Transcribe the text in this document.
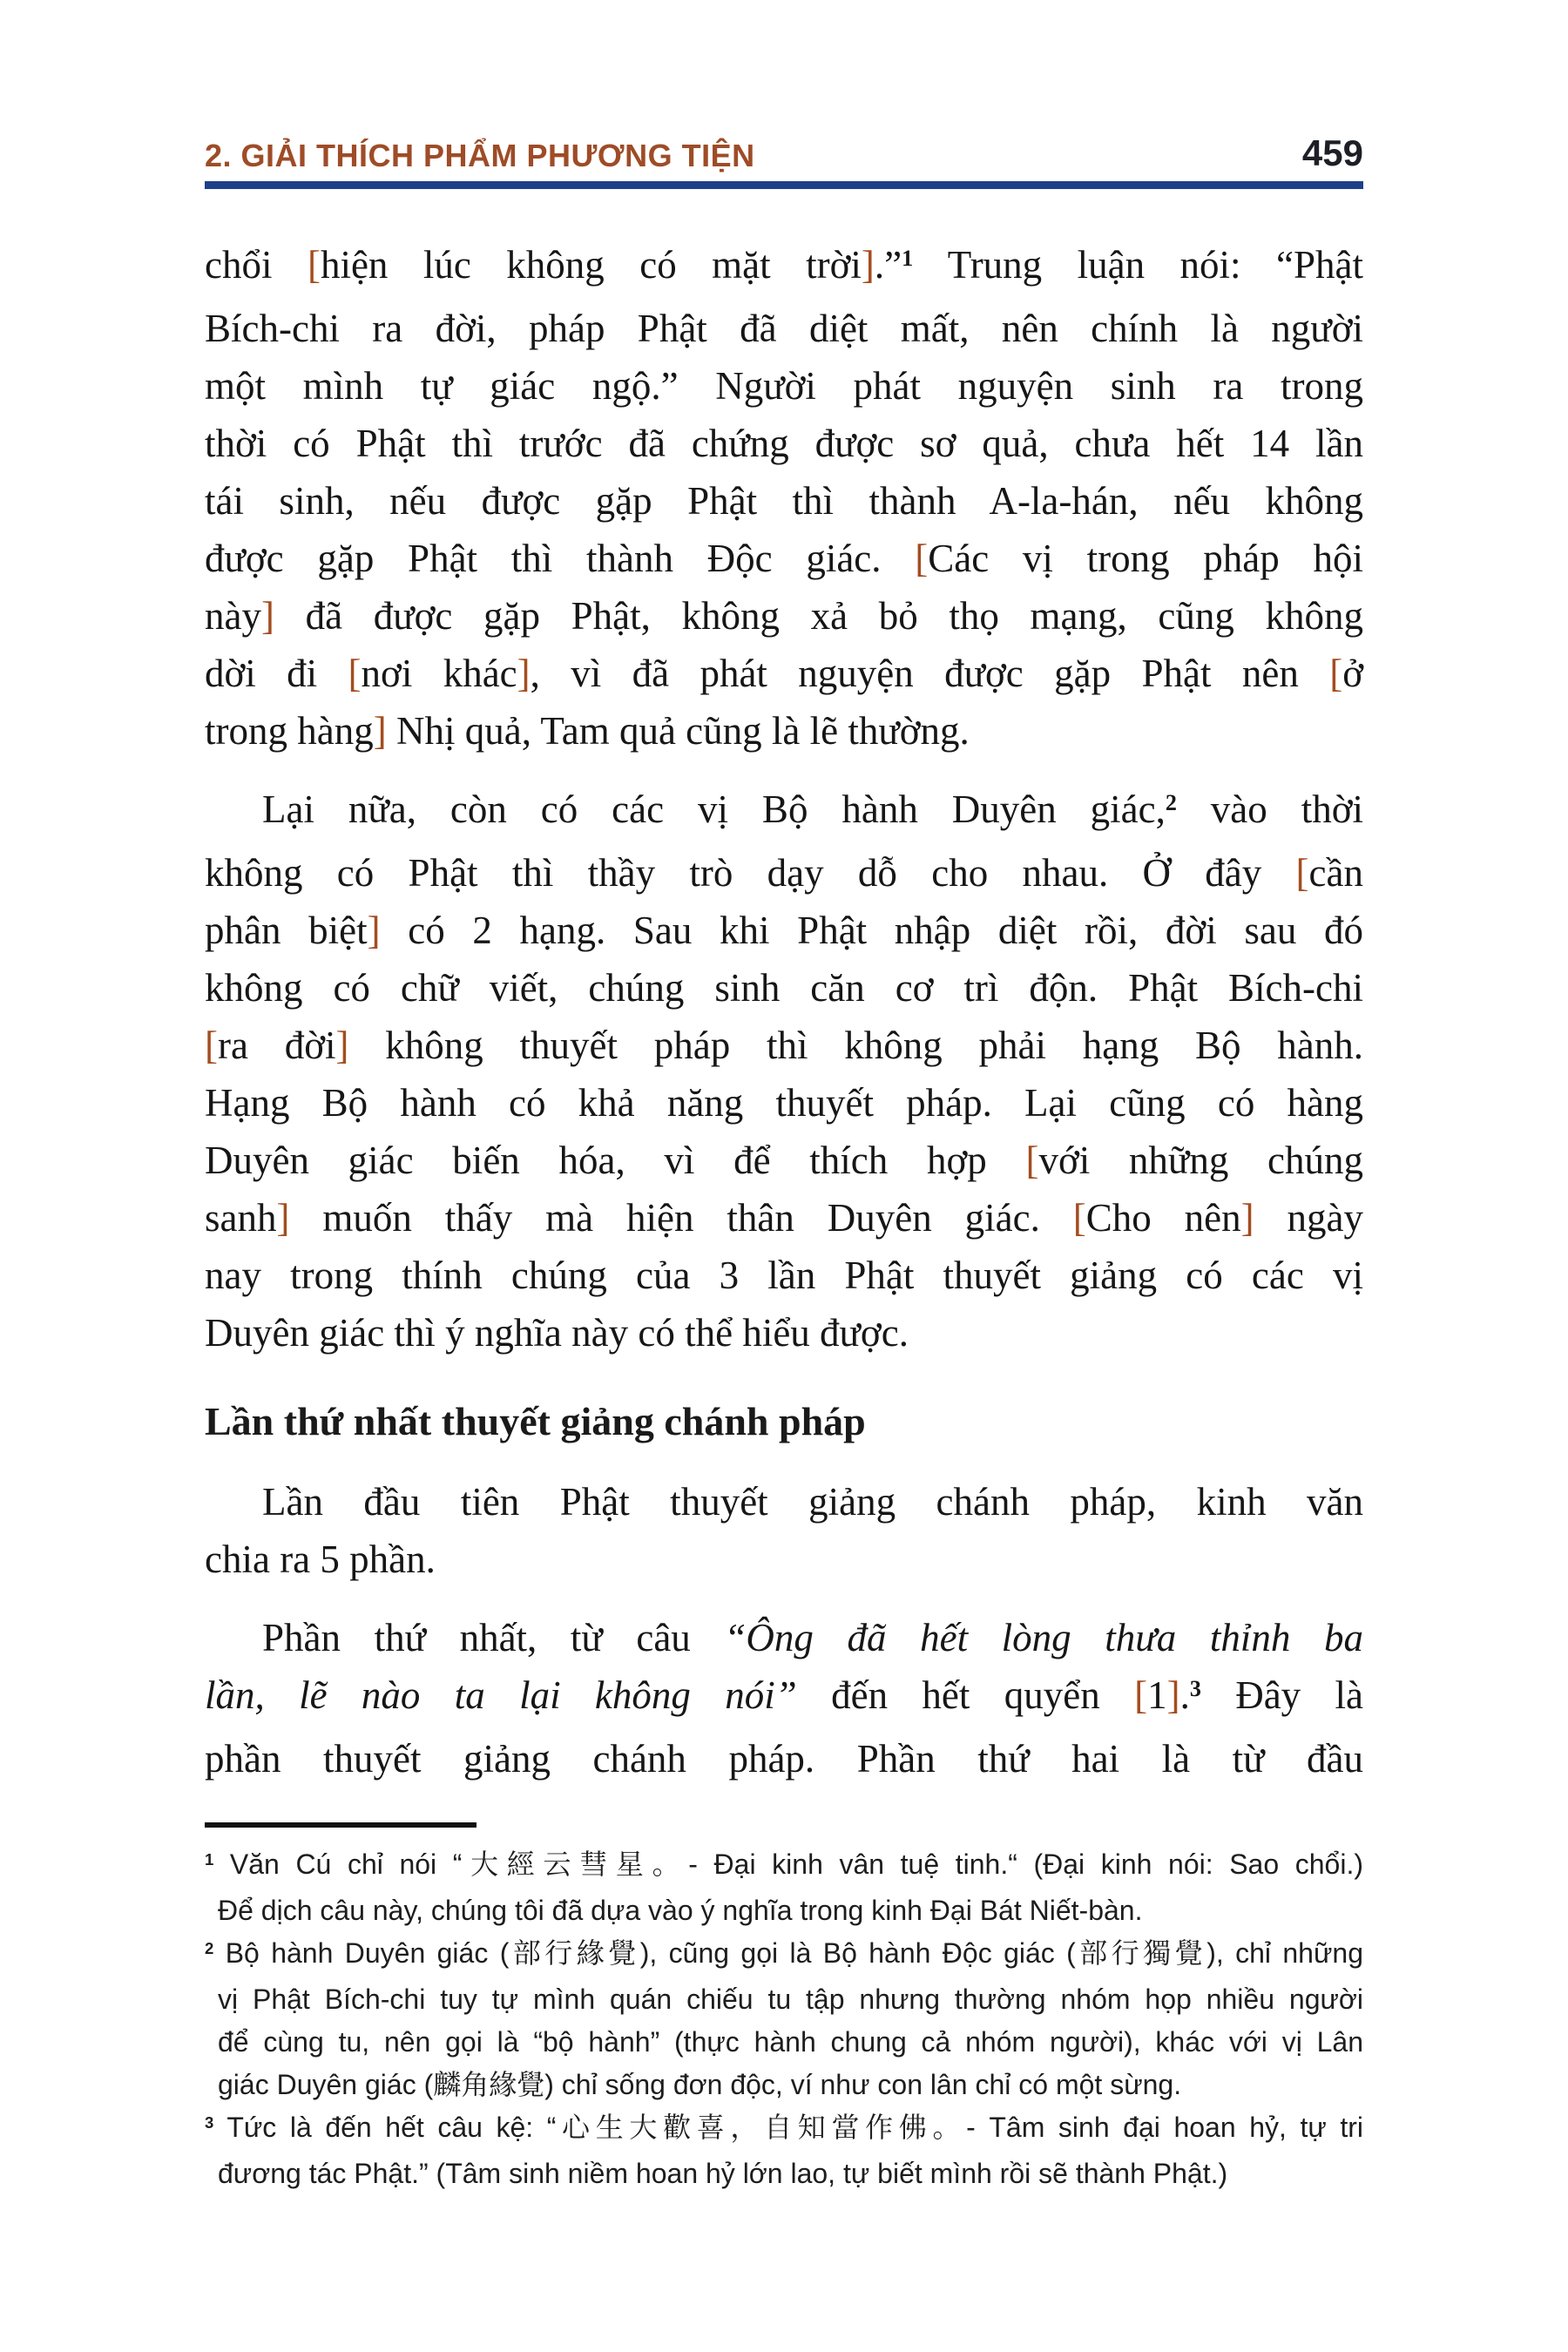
2. GIẢI THÍCH PHẨM PHƯƠNG TIỆN	459
chổi [hiện lúc không có mặt trời].”$^1$ Trung luận nói: “Phật
Bích-chi ra đời, pháp Phật đã diệt mất, nên chính là người
một mình tự giác ngộ.” Người phát nguyện sinh ra trong
thời có Phật thì trước đã chứng được sơ quả, chưa hết 14 lần
tái sinh, nếu được gặp Phật thì thành A-la-hán, nếu không
được gặp Phật thì thành Độc giác. [Các vị trong pháp hội
này] đã được gặp Phật, không xả bỏ thọ mạng, cũng không
dời đi [nơi khác], vì đã phát nguyện được gặp Phật nên [ở
trong hàng] Nhị quả, Tam quả cũng là lẽ thường.
Lại nữa, còn có các vị Bộ hành Duyên giác,$^2$ vào thời
không có Phật thì thầy trò dạy dỗ cho nhau. Ở đây [cần
phân biệt] có 2 hạng. Sau khi Phật nhập diệt rồi, đời sau đó
không có chữ viết, chúng sinh căn cơ trì độn. Phật Bích-chi
[ra đời] không thuyết pháp thì không phải hạng Bộ hành.
Hạng Bộ hành có khả năng thuyết pháp. Lại cũng có hàng
Duyên giác biến hóa, vì để thích hợp [với những chúng
sanh] muốn thấy mà hiện thân Duyên giác. [Cho nên] ngày
nay trong thính chúng của 3 lần Phật thuyết giảng có các vị
Duyên giác thì ý nghĩa này có thể hiểu được.
Lần thứ nhất thuyết giảng chánh pháp
Lần đầu tiên Phật thuyết giảng chánh pháp, kinh văn
chia ra 5 phần.
Phần thứ nhất, từ câu “Ông đã hết lòng thưa thỉnh ba
lần, lẽ nào ta lại không nói” đến hết quyển [1].$^3$ Đây là
phần thuyết giảng chánh pháp. Phần thứ hai là từ đầu
$^1$ Văn Cú chỉ nói “大經云彗星。- Đại kinh vân tuệ tinh.“ (Đại kinh nói: Sao chổi.)
Để dịch câu này, chúng tôi đã dựa vào ý nghĩa trong kinh Đại Bát Niết-bàn.
$^2$ Bộ hành Duyên giác (部行緣覺), cũng gọi là Bộ hành Độc giác (部行獨覺), chỉ những
vị Phật Bích-chi tuy tự mình quán chiếu tu tập nhưng thường nhóm họp nhiều người
để cùng tu, nên gọi là “bộ hành” (thực hành chung cả nhóm người), khác với vị Lân
giác Duyên giác (麟角緣覺) chỉ sống đơn độc, ví như con lân chỉ có một sừng.
$^3$ Tức là đến hết câu kệ: “心生大歡喜，自知當作佛。- Tâm sinh đại hoan hỷ, tự tri
đương tác Phật.” (Tâm sinh niềm hoan hỷ lớn lao, tự biết mình rồi sẽ thành Phật.)
